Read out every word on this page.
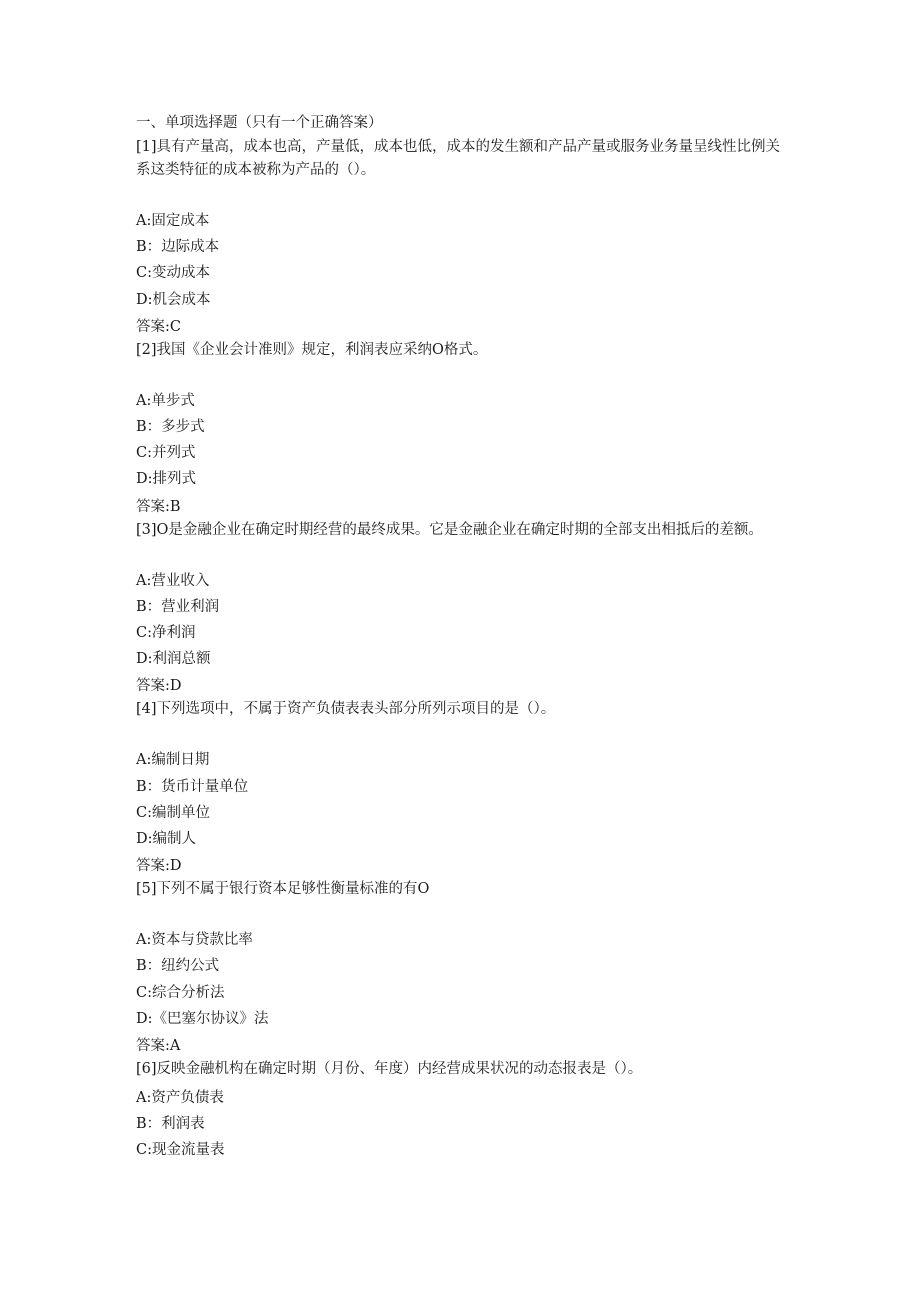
一、单项选择题（只有一个正确答案）
[1]具有产量高，成本也高，产量低，成本也低，成本的发生额和产品产量或服务业务量呈线性比例关系这类特征的成本被称为产品的（）。
A:固定成本
B：边际成本
C:变动成本
D:机会成本
答案:C
[2]我国《企业会计准则》规定，利润表应采纳O格式。
A:单步式
B：多步式
C:并列式
D:排列式
答案:B
[3]O是金融企业在确定时期经营的最终成果。它是金融企业在确定时期的全部支出相抵后的差额。
A:营业收入
B：营业利润
C:净利润
D:利润总额
答案:D
[4]下列选项中，不属于资产负债表表头部分所列示项目的是（）。
A:编制日期
B：货币计量单位
C:编制单位
D:编制人
答案:D
[5]下列不属于银行资本足够性衡量标准的有O
A:资本与贷款比率
B：纽约公式
C:综合分析法
D:《巴塞尔协议》法
答案:A
[6]反映金融机构在确定时期（月份、年度）内经营成果状况的动态报表是（）。
A:资产负债表
B：利润表
C:现金流量表
